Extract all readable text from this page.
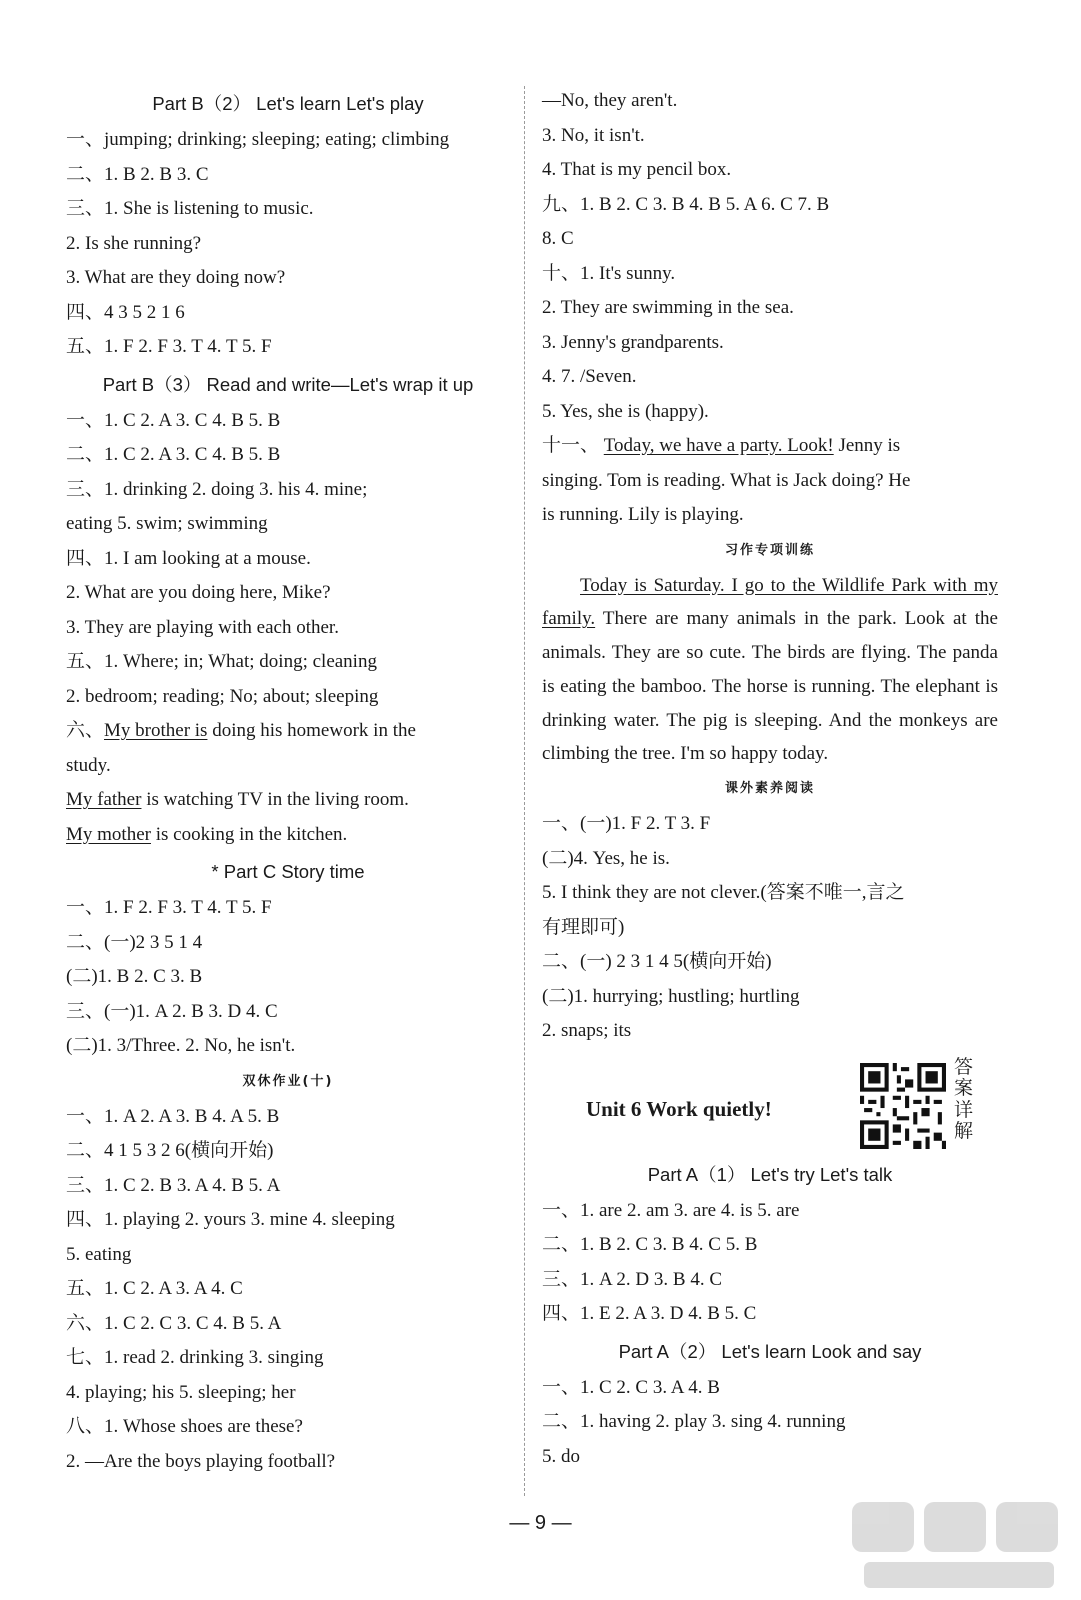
Part B（2） Let's learn Let's play
一、jumping; drinking; sleeping; eating; climbing
二、1. B 2. B 3. C
三、1. She is listening to music.
2. Is she running?
3. What are they doing now?
四、4 3 5 2 1 6
五、1. F 2. F 3. T 4. T 5. F
Part B（3） Read and write—Let's wrap it up
一、1. C 2. A 3. C 4. B 5. B
二、1. C 2. A 3. C 4. B 5. B
三、1. drinking 2. doing 3. his 4. mine;
eating 5. swim; swimming
四、1. I am looking at a mouse.
2. What are you doing here, Mike?
3. They are playing with each other.
五、1. Where; in; What; doing; cleaning
2. bedroom; reading; No; about; sleeping
六、My brother is doing his homework in the
study.
My father is watching TV in the living room.
My mother is cooking in the kitchen.
* Part C Story time
一、1. F 2. F 3. T 4. T 5. F
二、(一)2 3 5 1 4
(二)1. B 2. C 3. B
三、(一)1. A 2. B 3. D 4. C
(二)1. 3/Three. 2. No, he isn't.
双休作业(十)
一、1. A 2. A 3. B 4. A 5. B
二、4 1 5 3 2 6(横向开始)
三、1. C 2. B 3. A 4. B 5. A
四、1. playing 2. yours 3. mine 4. sleeping
5. eating
五、1. C 2. A 3. A 4. C
六、1. C 2. C 3. C 4. B 5. A
七、1. read 2. drinking 3. singing
4. playing; his 5. sleeping; her
八、1. Whose shoes are these?
2. —Are the boys playing football?
—No, they aren't.
3. No, it isn't.
4. That is my pencil box.
九、1. B 2. C 3. B 4. B 5. A 6. C 7. B
8. C
十、1. It's sunny.
2. They are swimming in the sea.
3. Jenny's grandparents.
4. 7. /Seven.
5. Yes, she is (happy).
十一、 Today, we have a party. Look! Jenny is
singing. Tom is reading. What is Jack doing? He
is running. Lily is playing.
习作专项训练
Today is Saturday. I go to the Wildlife Park with my family. There are many animals in the park. Look at the animals. They are so cute. The birds are flying. The panda is eating the bamboo. The horse is running. The elephant is drinking water. The pig is sleeping. And the monkeys are climbing the tree. I'm so happy today.
课外素养阅读
一、(一)1. F 2. T 3. F
(二)4. Yes, he is.
5. I think they are not clever.(答案不唯一,言之
有理即可)
二、(一) 2 3 1 4 5(横向开始)
(二)1. hurrying; hustling; hurtling
2. snaps; its
Unit 6 Work quietly!
答案详解
Part A（1） Let's try Let's talk
一、1. are 2. am 3. are 4. is 5. are
二、1. B 2. C 3. B 4. C 5. B
三、1. A 2. D 3. B 4. C
四、1. E 2. A 3. D 4. B 5. C
Part A（2） Let's learn Look and say
一、1. C 2. C 3. A 4. B
二、1. having 2. play 3. sing 4. running
5. do
— 9 —
